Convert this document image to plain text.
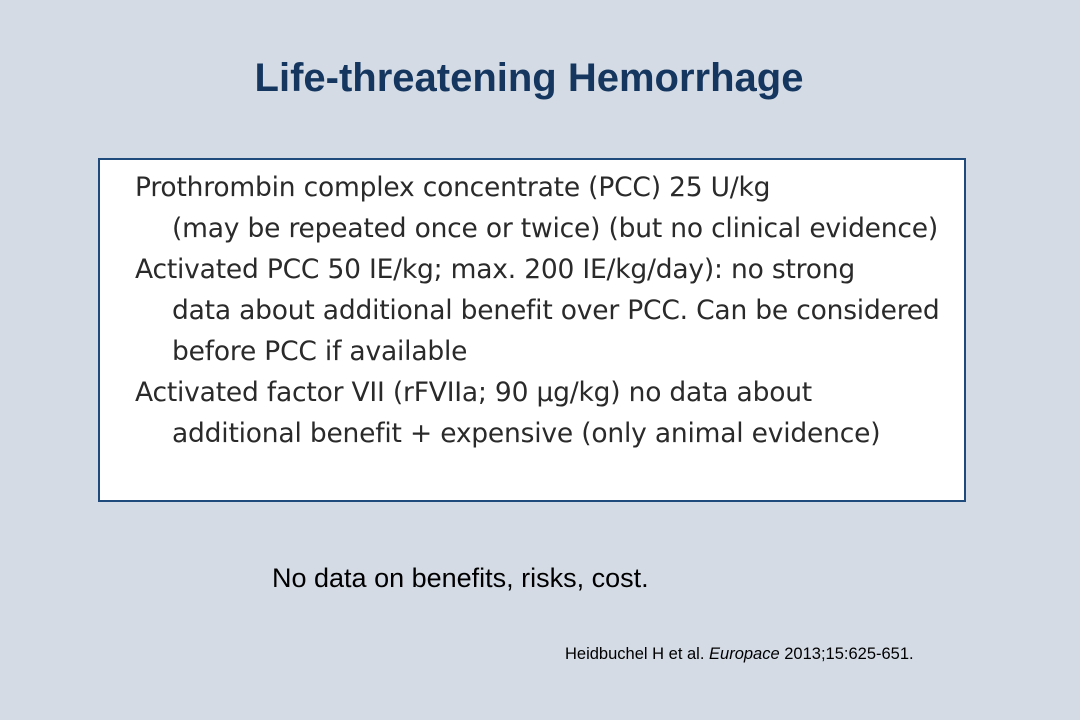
Life-threatening Hemorrhage
Prothrombin complex concentrate (PCC) 25 U/kg
(may be repeated once or twice) (but no clinical evidence)
Activated PCC 50 IE/kg; max. 200 IE/kg/day): no strong
data about additional benefit over PCC. Can be considered
before PCC if available
Activated factor VII (rFVIIa; 90 µg/kg) no data about
additional benefit + expensive (only animal evidence)

No data on benefits, risks, cost.

Heidbuchel H et al. Europace 2013;15:625-651.
